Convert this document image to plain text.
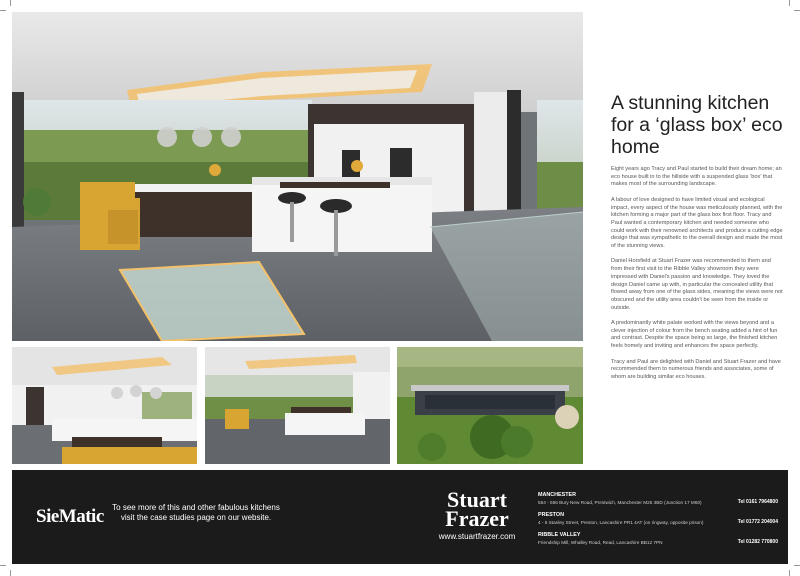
A stunning kitchen for a ‘glass box’ eco home

Eight years ago Tracy and Paul started to build their dream home; an eco house built in to the hillside with a suspended glass ‘box’ that makes most of the surrounding landscape.

A labour of love designed to have limited visual and ecological impact, every aspect of the house was meticulously planned, with the kitchen forming a major part of the glass box first floor. Tracy and Paul wanted a contemporary kitchen and needed someone who could work with their renowned architects and produce a cutting edge design that was sympathetic to the overall design and made the most of the stunning views.

Daniel Horsfield at Stuart Frazer was recommended to them and from their first visit to the Ribble Valley showroom they were impressed with Daniel's passion and knowledge. They loved the design Daniel came up with, in particular the concealed utility that flowed away from one of the glass sides, meaning the views were not obscured and the utility area couldn't be seen from the inside or outside.

A predominantly white palate worked with the views beyond and a clever injection of colour from the bench seating added a hint of fun and contrast. Despite the space being so large, the finished kitchen feels homely and inviting and enhances the space perfectly.

Tracy and Paul are delighted with Daniel and Stuart Frazer and have recommended them to numerous friends and associates, some of whom are building similar eco houses.

SieMatic	To see more of this and other fabulous kitchens
visit the case studies page on our website.
Stuart
Frazer
www.stuartfrazer.com
MANCHESTER
554 - 556 Bury New Road, Prestwich, Manchester M25 3BD (Junction 17 M60)	Tel 0161 7964800
PRESTON
4 - 6 Stanley Street, Preston, Lancashire PR1 4AT (on ringway, opposite prison)	Tel 01772 204004
RIBBLE VALLEY
Friendship Mill, Whalley Road, Read, Lancashire BB12 7PN	Tel 01282 770800
